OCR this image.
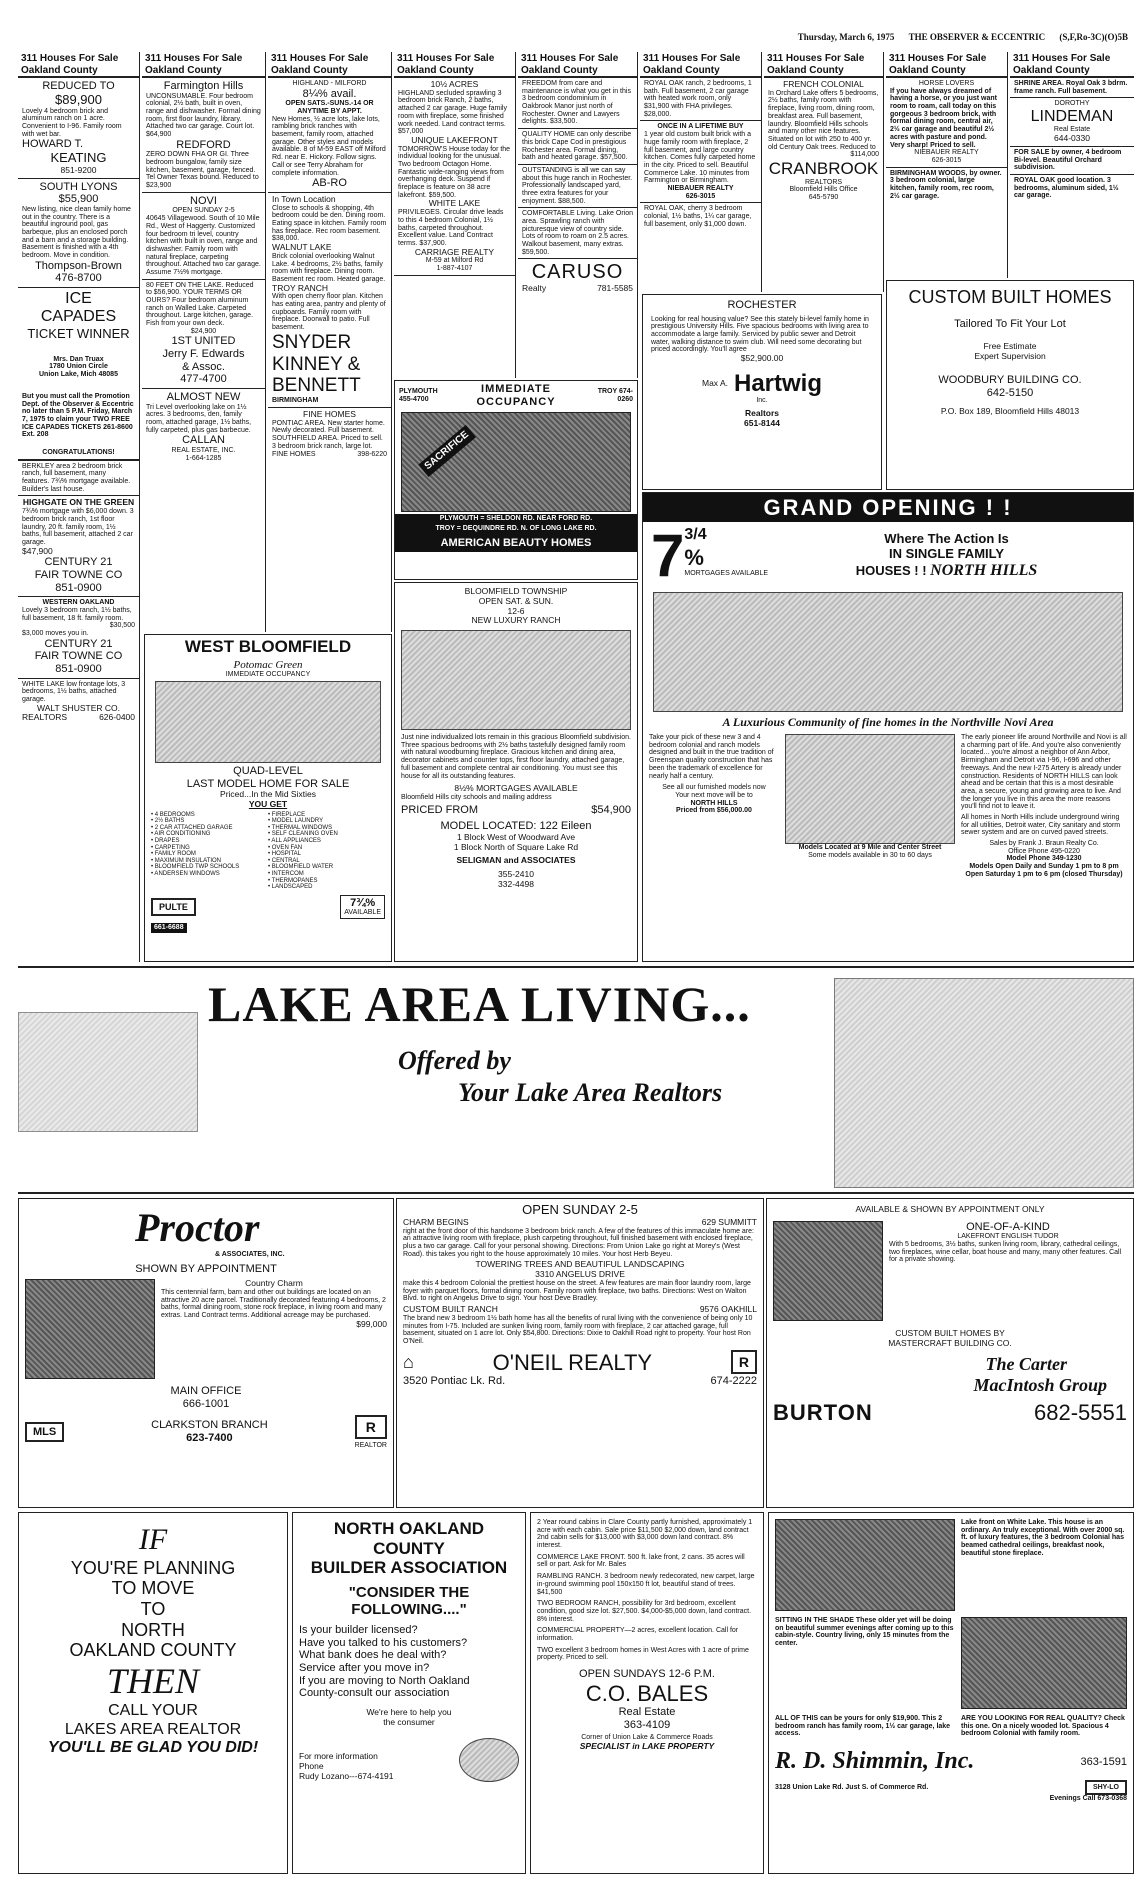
Thursday, March 6, 1975 THE OBSERVER & ECCENTRIC (S,F,Ro-3C)(O)5B
311 Houses For Sale Oakland County
REDUCED TO
$89,900
Lovely 4 bedroom brick and aluminum ranch on 1 acre. Convenient to I-96. Family room with wet bar.
HOWARD T.
KEATING
851-9200
SOUTH LYONS
$55,900
New listing, nice clean family home out in the country. There is a beautiful inground pool, gas barbeque, plus an enclosed porch and a barn and a storage building. Basement is finished with a 4th bedroom. Move in condition.
Thompson-Brown
476-8700
ICE
CAPADES
TICKET WINNER
Mrs. Dan Truax
1780 Union Circle
Union Lake, Mich 48085
But you must call the Promotion Dept. of the Observer & Eccentric no later than 5 P.M. Friday, March 7, 1975 to claim your TWO FREE ICE CAPADES TICKETS 261-8600 Ext. 208
CONGRATULATIONS!
BERKLEY area 2 bedroom brick ranch, full basement, many features. 7¾% mortgage available. Builder's last house.
HIGHGATE ON THE GREEN
7¾% mortgage with $6,000 down. 3 bedroom brick ranch, 1st floor laundry, 20 ft. family room, 1½ baths, full basement, attached 2 car garage.
$47,900
CENTURY 21
FAIR TOWNE CO
851-0900
WESTERN OAKLAND
Lovely 3 bedroom ranch, 1½ baths, full basement, 18 ft. family room.
$30,500
$3,000 moves you in.
CENTURY 21
FAIR TOWNE CO
851-0900
WHITE LAKE low frontage lots, 3 bedrooms, 1½ baths, attached garage.
WALT SHUSTER CO.
REALTORS	626-0400
311 Houses For Sale Oakland County
Farmington Hills
UNCONSUMABLE. Four bedroom colonial, 2½ bath, built in oven, range and dishwasher. Formal dining room, first floor laundry, library. Attached two car garage. Court lot.
$64,900
REDFORD
ZERO DOWN FHA OR GI. Three bedroom bungalow, family size kitchen, basement, garage, fenced. Tel Owner Texas bound. Reduced to
$23,900
NOVI
OPEN SUNDAY 2-5
40645 Villagewood. South of 10 Mile Rd., West of Haggerty. Customized four bedroom tri level, country kitchen with built in oven, range and dishwasher. Family room with natural fireplace, carpeting throughout. Attached two car garage. Assume 7½% mortgage.
80 FEET ON THE LAKE. Reduced to $56,900. YOUR TERMS OR OURS? Four bedroom aluminum ranch on Walled Lake. Carpeted throughout. Large kitchen, garage. Fish from your own deck.
$24,900
1ST UNITED
Jerry F. Edwards
& Assoc.
477-4700
ALMOST NEW
Tri Level overlooking lake on 1½ acres. 3 bedrooms, den, family room, attached garage, 1½ baths, fully carpeted, plus gas barbecue.
CALLAN
REAL ESTATE, INC.
1-664-1285
311 Houses For Sale Oakland County
HIGHLAND - MILFORD
8¼% avail.
OPEN SATS.-SUNS.-14 OR ANYTIME BY APPT.
New Homes, ½ acre lots, lake lots, rambling brick ranches with basement, family room, attached garage. Other styles and models available. 8 of M-59 EAST off Milford Rd. near E. Hickory. Follow signs. Call or see Terry Abraham for complete information.
AB-RO
In Town Location
Close to schools & shopping, 4th bedroom could be den. Dining room. Eating space in kitchen. Family room has fireplace. Rec room basement. $38,000.
WALNUT LAKE
Brick colonial overlooking Walnut Lake. 4 bedrooms, 2½ baths, family room with fireplace. Dining room. Basement rec room. Heated garage.
TROY RANCH
With open cherry floor plan. Kitchen has eating area, pantry and plenty of cupboards. Family room with fireplace. Doorwall to patio. Full basement.
SNYDER
KINNEY &
BENNETT
BIRMINGHAM
FINE HOMES
PONTIAC AREA. New starter home. Newly decorated. Full basement.
SOUTHFIELD AREA. Priced to sell. 3 bedroom brick ranch, large lot.
FINE HOMES	398-6220
311 Houses For Sale Oakland County
10½ ACRES
HIGHLAND secluded sprawling 3 bedroom brick Ranch, 2 baths, attached 2 car garage. Huge family room with fireplace, some finished work needed. Land contract terms.
$57,000
UNIQUE LAKEFRONT
TOMORROW'S House today for the individual looking for the unusual. Two bedroom Octagon Home. Fantastic wide-ranging views from overhanging deck. Suspend if fireplace is feature on 38 acre lakefront. $59,500.
WHITE LAKE
PRIVILEGES. Circular drive leads to this 4 bedroom Colonial, 1½ baths, carpeted throughout. Excellent value. Land Contract terms. $37,900.
CARRIAGE REALTY
M-59 at Milford Rd
1-887-4107
311 Houses For Sale Oakland County
FREEDOM from care and maintenance is what you get in this 3 bedroom condominium in Oakbrook Manor just north of Rochester. Owner and Lawyers delights. $33,500.
QUALITY HOME can only describe this brick Cape Cod in prestigious Rochester area. Formal dining, bath and heated garage. $57,500.
OUTSTANDING is all we can say about this huge ranch in Rochester. Professionally landscaped yard, three extra features for your enjoyment. $88,500.
COMFORTABLE Living. Lake Orion area. Sprawling ranch with picturesque view of country side. Lots of room to roam on 2.5 acres. Walkout basement, many extras. $59,500.
CARUSO
Realty	781-5585
311 Houses For Sale Oakland County
ROYAL OAK ranch, 2 bedrooms, 1 bath. Full basement, 2 car garage with heated work room, only $31,900 with FHA privileges. $28,000.
ONCE IN A LIFETIME BUY
1 year old custom built brick with a huge family room with fireplace, 2 full basement, and large country kitchen. Comes fully carpeted home in the city. Priced to sell. Beautiful Commerce Lake. 10 minutes from Farmington or Birmingham.
NIEBAUER REALTY
626-3015
ROYAL OAK, cherry 3 bedroom colonial, 1½ baths, 1¼ car garage, full basement, only $1,000 down.
311 Houses For Sale Oakland County
FRENCH COLONIAL
In Orchard Lake offers 5 bedrooms, 2½ baths, family room with fireplace, living room, dining room, breakfast area. Full basement, laundry. Bloomfield Hills schools and many other nice features. Situated on lot with 250 to 400 yr. old Century Oak trees. Reduced to
$114,000
CRANBROOK
REALTORS
Bloomfield Hills Office
645-5790
311 Houses For Sale Oakland County
HORSE LOVERS
If you have always dreamed of having a horse, or you just want room to roam, call today on this gorgeous 3 bedroom brick, with formal dining room, central air, 2½ car garage and beautiful 2½ acres with pasture and pond. Very sharp! Priced to sell.
NIEBAUER REALTY
626-3015
BIRMINGHAM WOODS, by owner. 3 bedroom colonial, large kitchen, family room, rec room, 2½ car garage.
311 Houses For Sale Oakland County
SHRINE AREA. Royal Oak 3 bdrm. frame ranch. Full basement.
DOROTHY
LINDEMAN
Real Estate
644-0330
FOR SALE by owner, 4 bedroom Bi-level. Beautiful Orchard subdivision.
ROYAL OAK good location. 3 bedrooms, aluminum sided, 1½ car garage.
ROCHESTER
Looking for real housing value? See this stately bi-level family home in prestigious University Hills. Five spacious bedrooms with living area to accommodate a large family. Serviced by public sewer and Detroit water, walking distance to swim club. Will need some decorating but priced accordingly. You'll agree
$52,900.00
Max A. Hartwig
Inc.
Realtors
651-8144
CUSTOM BUILT HOMES
Tailored To Fit Your Lot
Free Estimate
Expert Supervision
WOODBURY BUILDING CO.
642-5150
P.O. Box 189, Bloomfield Hills 48013
PLYMOUTH 455-4700
IMMEDIATE
OCCUPANCY
TROY 674-0260
SACRIFICE
PLYMOUTH = SHELDON RD. NEAR FORD RD.
TROY = DEQUINDRE RD. N. OF LONG LAKE RD.
AMERICAN BEAUTY HOMES
GRAND OPENING ! !
7 3/4
%
MORTGAGES AVAILABLE
Where The Action Is
IN SINGLE FAMILY
HOUSES ! ! NORTH HILLS
A Luxurious Community of fine homes in the Northville Novi Area
Take your pick of these new 3 and 4 bedroom colonial and ranch models designed and built in the true tradition of Greenspan quality construction that has been the trademark of excellence for nearly half a century.
See all our furnished models now
Your next move will be to
NORTH HILLS
Priced from $56,000.00
Models Located at 9 Mile and Center Street
Some models available in 30 to 60 days
The early pioneer life around Northville and Novi is all a charming part of life. And you're also conveniently located... you're almost a neighbor of Ann Arbor, Birmingham and Detroit via I-96, I-696 and other freeways. And the new I-275 Artery is already under construction. Residents of NORTH HILLS can look ahead and be certain that this is a most desirable area, a secure, young and growing area to live. And the longer you live in this area the more reasons you'll find not to leave it.
All homes in North Hills include underground wiring for all utilities, Detroit water, City sanitary and storm sewer system and are on curved paved streets.
Sales by Frank J. Braun Realty Co.
Office Phone 495-0220
Model Phone 349-1230
Models Open Daily and Sunday 1 pm to 8 pm
Open Saturday 1 pm to 6 pm (closed Thursday)
WEST BLOOMFIELD
Potomac Green
IMMEDIATE OCCUPANCY
QUAD-LEVEL
LAST MODEL HOME FOR SALE
Priced...In the Mid Sixties
YOU GET
• 4 BEDROOMS
• 2½ BATHS
• 2 CAR ATTACHED GARAGE
• AIR CONDITIONING
• DRAPES
• CARPETING
• FAMILY ROOM
• MAXIMUM INSULATION
• BLOOMFIELD TWP SCHOOLS
• ANDERSEN WINDOWS
• FIREPLACE
• MODEL LAUNDRY
• THERMAL WINDOWS
• SELF CLEANING OVEN
• ALL APPLIANCES
• OVEN FAN
• HOSPITAL
• CENTRAL
• BLOOMFIELD WATER
• INTERCOM
• THERMOPANES
• LANDSCAPED
PULTE	7¾%
AVAILABLE
661-6688
BLOOMFIELD TOWNSHIP
OPEN SAT. & SUN.
12-6
NEW LUXURY RANCH
Just nine individualized lots remain in this gracious Bloomfield subdivision. Three spacious bedrooms with 2½ baths tastefully designed family room with natural woodburning fireplace. Gracious kitchen and dining area, decorator cabinets and counter tops, first floor laundry, attached garage, full basement and complete central air conditioning. You must see this house for all its outstanding features.
8½% MORTGAGES AVAILABLE
Bloomfield Hills city schools and mailing address
PRICED FROM	$54,900
MODEL LOCATED: 122 Eileen
1 Block West of Woodward Ave
1 Block North of Square Lake Rd
SELIGMAN and ASSOCIATES
355-2410
332-4498
LAKE AREA LIVING...
Offered by
Your Lake Area Realtors
Proctor
& ASSOCIATES, INC.
SHOWN BY APPOINTMENT
Country Charm
This centennial farm, barn and other out buildings are located on an attractive 20 acre parcel. Traditionally decorated featuring 4 bedrooms, 2 baths, formal dining room, stone rock fireplace, in living room and many extras. Land Contract terms. Additional acreage may be purchased.
$99,000
MAIN OFFICE
666-1001
MLS
CLARKSTON BRANCH
623-7400
R
REALTOR
OPEN SUNDAY 2-5
CHARM BEGINS	629 SUMMITT
right at the front door of this handsome 3 bedroom brick ranch. A few of the features of this immaculate home are: an attractive living room with fireplace, plush carpeting throughout, full finished basement with enclosed fireplace, plus a two car garage. Call for your personal showing. Directions: From Union Lake go right at Morey's (West Road). this takes you right to the house approximately 10 miles. Your host Herb Beyeu.
TOWERING TREES AND BEAUTIFUL LANDSCAPING
3310 ANGELUS DRIVE
make this 4 bedroom Colonial the prettiest house on the street. A few features are main floor laundry room, large foyer with parquet floors, formal dining room. Family room with fireplace, two baths. Directions: West on Walton Blvd. to right on Angelus Drive to sign. Your host Deve Bradley.
CUSTOM BUILT RANCH	9576 OAKHILL
The brand new 3 bedroom 1½ bath home has all the benefits of rural living with the convenience of being only 10 minutes from I-75. Included are sunken living room, family room with fireplace, 2 car attached garage, full basement, situated on 1 acre lot. Only $54,800. Directions: Dixie to Oakhill Road right to property. Your host Ron O'Neil.
⌂	O'NEIL REALTY	R
3520 Pontiac Lk. Rd.	674-2222
AVAILABLE & SHOWN BY APPOINTMENT ONLY
ONE-OF-A-KIND
LAKEFRONT ENGLISH TUDOR
With 5 bedrooms, 3½ baths, sunken living room, library, cathedral ceilings, two fireplaces, wine cellar, boat house and many, many other features. Call for a private showing.
CUSTOM BUILT HOMES BY
MASTERCRAFT BUILDING CO.
The Carter
MacIntosh Group
BURTON	682-5551
IF
YOU'RE PLANNING
TO MOVE
TO
NORTH
OAKLAND COUNTY
THEN
CALL YOUR
LAKES AREA REALTOR
YOU'LL BE GLAD YOU DID!
NORTH OAKLAND COUNTY
BUILDER ASSOCIATION
"CONSIDER THE FOLLOWING...."
Is your builder licensed?
Have you talked to his customers?
What bank does he deal with?
Service after you move in?
If you are moving to North Oakland
County-consult our association
We're here to help you
the consumer
For more information
Phone
Rudy Lozano---674-4191
2 Year round cabins in Clare County partly furnished, approximately 1 acre with each cabin. Sale price $11,500 $2,000 down, land contract 2nd cabin sells for $13,000 with $3,000 down land contract. 8% interest.
COMMERCE LAKE FRONT. 500 ft. lake front, 2 cans. 35 acres will sell or part. Ask for Mr. Bales
RAMBLING RANCH. 3 bedroom newly redecorated, new carpet, large in-ground swimming pool 150x150 ft lot, beautiful stand of trees. $41,500
TWO BEDROOM RANCH, possibility for 3rd bedroom, excellent condition, good size lot. $27,500. $4,000-$5,000 down, land contract. 8% interest.
COMMERCIAL PROPERTY—2 acres, excellent location. Call for information.
TWO excellent 3 bedroom homes in West Acres with 1 acre of prime property. Priced to sell.
OPEN SUNDAYS 12-6 P.M.
C.O. BALES
Real Estate
363-4109
Corner of Union Lake & Commerce Roads
SPECIALIST in LAKE PROPERTY
Lake front on White Lake. This house is an ordinary. An truly exceptional. With over 2000 sq. ft. of luxury features, the 3 bedroom Colonial has beamed cathedral ceilings, breakfast nook, beautiful stone fireplace.
SITTING IN THE SHADE These older yet will be doing on beautiful summer evenings after coming up to this cabin-style. Country living, only 15 minutes from the center.
ALL OF THIS can be yours for only $19,900. This 2 bedroom ranch has family room, 1½ car garage, lake access.
ARE YOU LOOKING FOR REAL QUALITY? Check this one. On a nicely wooded lot. Spacious 4 bedroom Colonial with family room.
R. D. Shimmin, Inc.	363-1591
3128 Union Lake Rd. Just S. of Commerce Rd.	SHY-LO
Evenings Call 673-0368
